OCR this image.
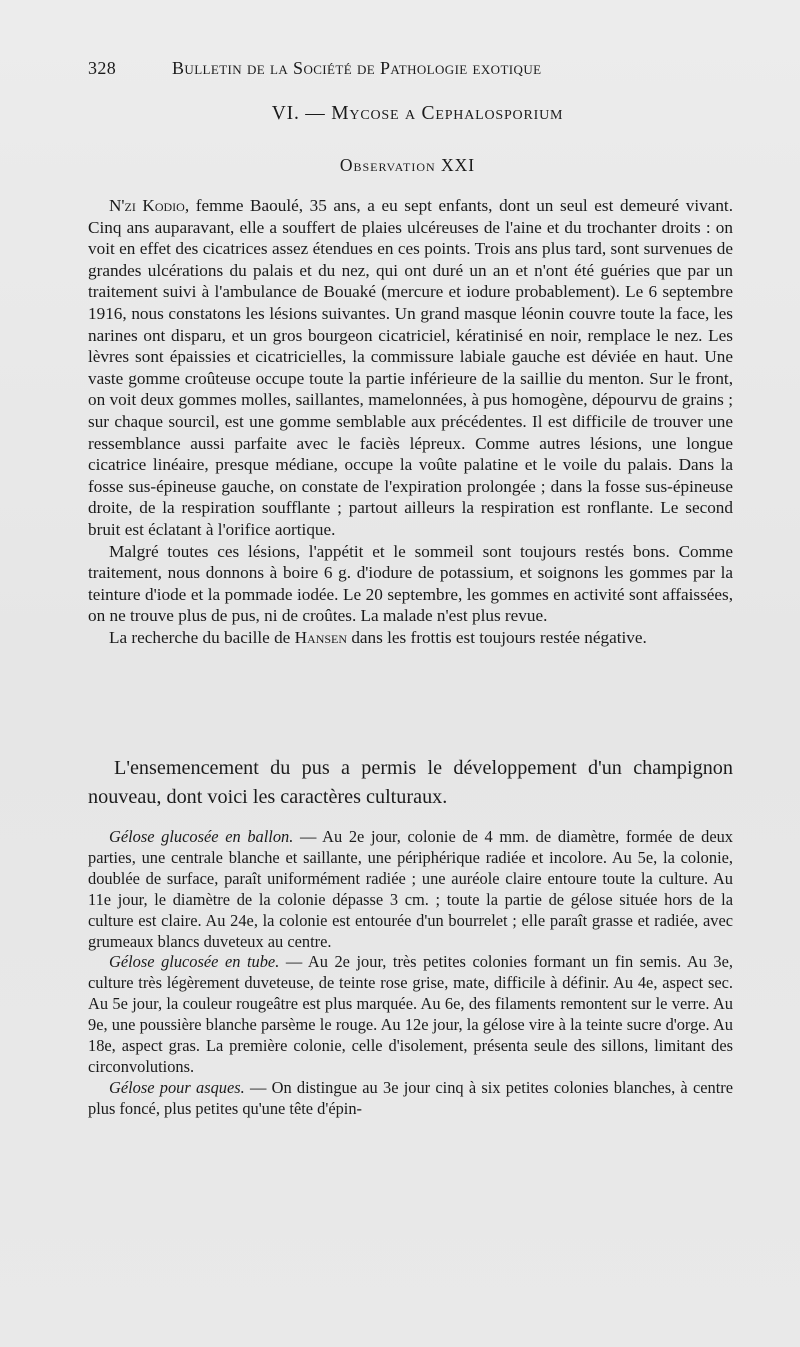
328	Bulletin de la Société de Pathologie exotique
VI. — Mycose a Cephalosporium
Observation XXI

N'zi Kodio, femme Baoulé, 35 ans, a eu sept enfants, dont un seul est demeuré vivant. Cinq ans auparavant, elle a souffert de plaies ulcéreuses de l'aine et du trochanter droits : on voit en effet des cicatrices assez étendues en ces points. Trois ans plus tard, sont survenues de grandes ulcérations du palais et du nez, qui ont duré un an et n'ont été guéries que par un traitement suivi à l'ambulance de Bouaké (mercure et iodure probablement). Le 6 septembre 1916, nous constatons les lésions suivantes. Un grand masque léonin couvre toute la face, les narines ont disparu, et un gros bourgeon cicatriciel, kératinisé en noir, remplace le nez. Les lèvres sont épaissies et cicatricielles, la commissure labiale gauche est déviée en haut. Une vaste gomme croûteuse occupe toute la partie inférieure de la saillie du menton. Sur le front, on voit deux gommes molles, saillantes, mamelonnées, à pus homogène, dépourvu de grains ; sur chaque sourcil, est une gomme semblable aux précédentes. Il est difficile de trouver une ressemblance aussi parfaite avec le faciès lépreux. Comme autres lésions, une longue cicatrice linéaire, presque médiane, occupe la voûte palatine et le voile du palais. Dans la fosse sus-épineuse gauche, on constate de l'expiration prolongée ; dans la fosse sus-épineuse droite, de la respiration soufflante ; partout ailleurs la respiration est ronflante. Le second bruit est éclatant à l'orifice aortique.

Malgré toutes ces lésions, l'appétit et le sommeil sont toujours restés bons. Comme traitement, nous donnons à boire 6 g. d'iodure de potassium, et soignons les gommes par la teinture d'iode et la pommade iodée. Le 20 septembre, les gommes en activité sont affaissées, on ne trouve plus de pus, ni de croûtes. La malade n'est plus revue.

La recherche du bacille de Hansen dans les frottis est toujours restée négative.

L'ensemencement du pus a permis le développement d'un champignon nouveau, dont voici les caractères culturaux.

Gélose glucosée en ballon. — Au 2e jour, colonie de 4 mm. de diamètre, formée de deux parties, une centrale blanche et saillante, une périphérique radiée et incolore. Au 5e, la colonie, doublée de surface, paraît uniformément radiée ; une auréole claire entoure toute la culture. Au 11e jour, le diamètre de la colonie dépasse 3 cm. ; toute la partie de gélose située hors de la culture est claire. Au 24e, la colonie est entourée d'un bourrelet ; elle paraît grasse et radiée, avec grumeaux blancs duveteux au centre.

Gélose glucosée en tube. — Au 2e jour, très petites colonies formant un fin semis. Au 3e, culture très légèrement duveteuse, de teinte rose grise, mate, difficile à définir. Au 4e, aspect sec. Au 5e jour, la couleur rougeâtre est plus marquée. Au 6e, des filaments remontent sur le verre. Au 9e, une poussière blanche parsème le rouge. Au 12e jour, la gélose vire à la teinte sucre d'orge. Au 18e, aspect gras. La première colonie, celle d'isolement, présenta seule des sillons, limitant des circonvolutions.

Gélose pour asques. — On distingue au 3e jour cinq à six petites colonies blanches, à centre plus foncé, plus petites qu'une tête d'épin-
